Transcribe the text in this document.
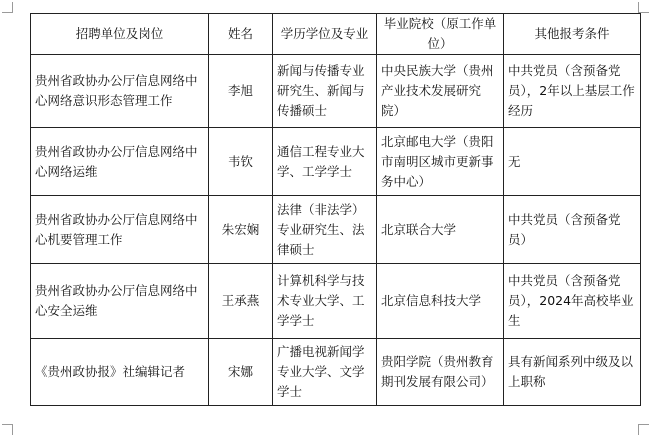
招聘单位及岗位	姓名	学历学位及专业	毕业院校（原工作单位）	其他报考条件
贵州省政协办公厅信息网络中心网络意识形态管理工作	李旭	新闻与传播专业研究生、新闻与传播硕士	中央民族大学（贵州产业技术发展研究院）	中共党员（含预备党员），2年以上基层工作经历
贵州省政协办公厅信息网络中心网络运维	韦钦	通信工程专业大学、工学学士	北京邮电大学（贵阳市南明区城市更新事务中心）	无
贵州省政协办公厅信息网络中心机要管理工作	朱宏娴	法律（非法学）专业研究生、法律硕士	北京联合大学	中共党员（含预备党员）
贵州省政协办公厅信息网络中心安全运维	王承燕	计算机科学与技术专业大学、工学学士	北京信息科技大学	中共党员（含预备党员），2024年高校毕业生
《贵州政协报》社编辑记者	宋娜	广播电视新闻学专业大学、文学学士	贵阳学院（贵州教育期刊发展有限公司）	具有新闻系列中级及以上职称
